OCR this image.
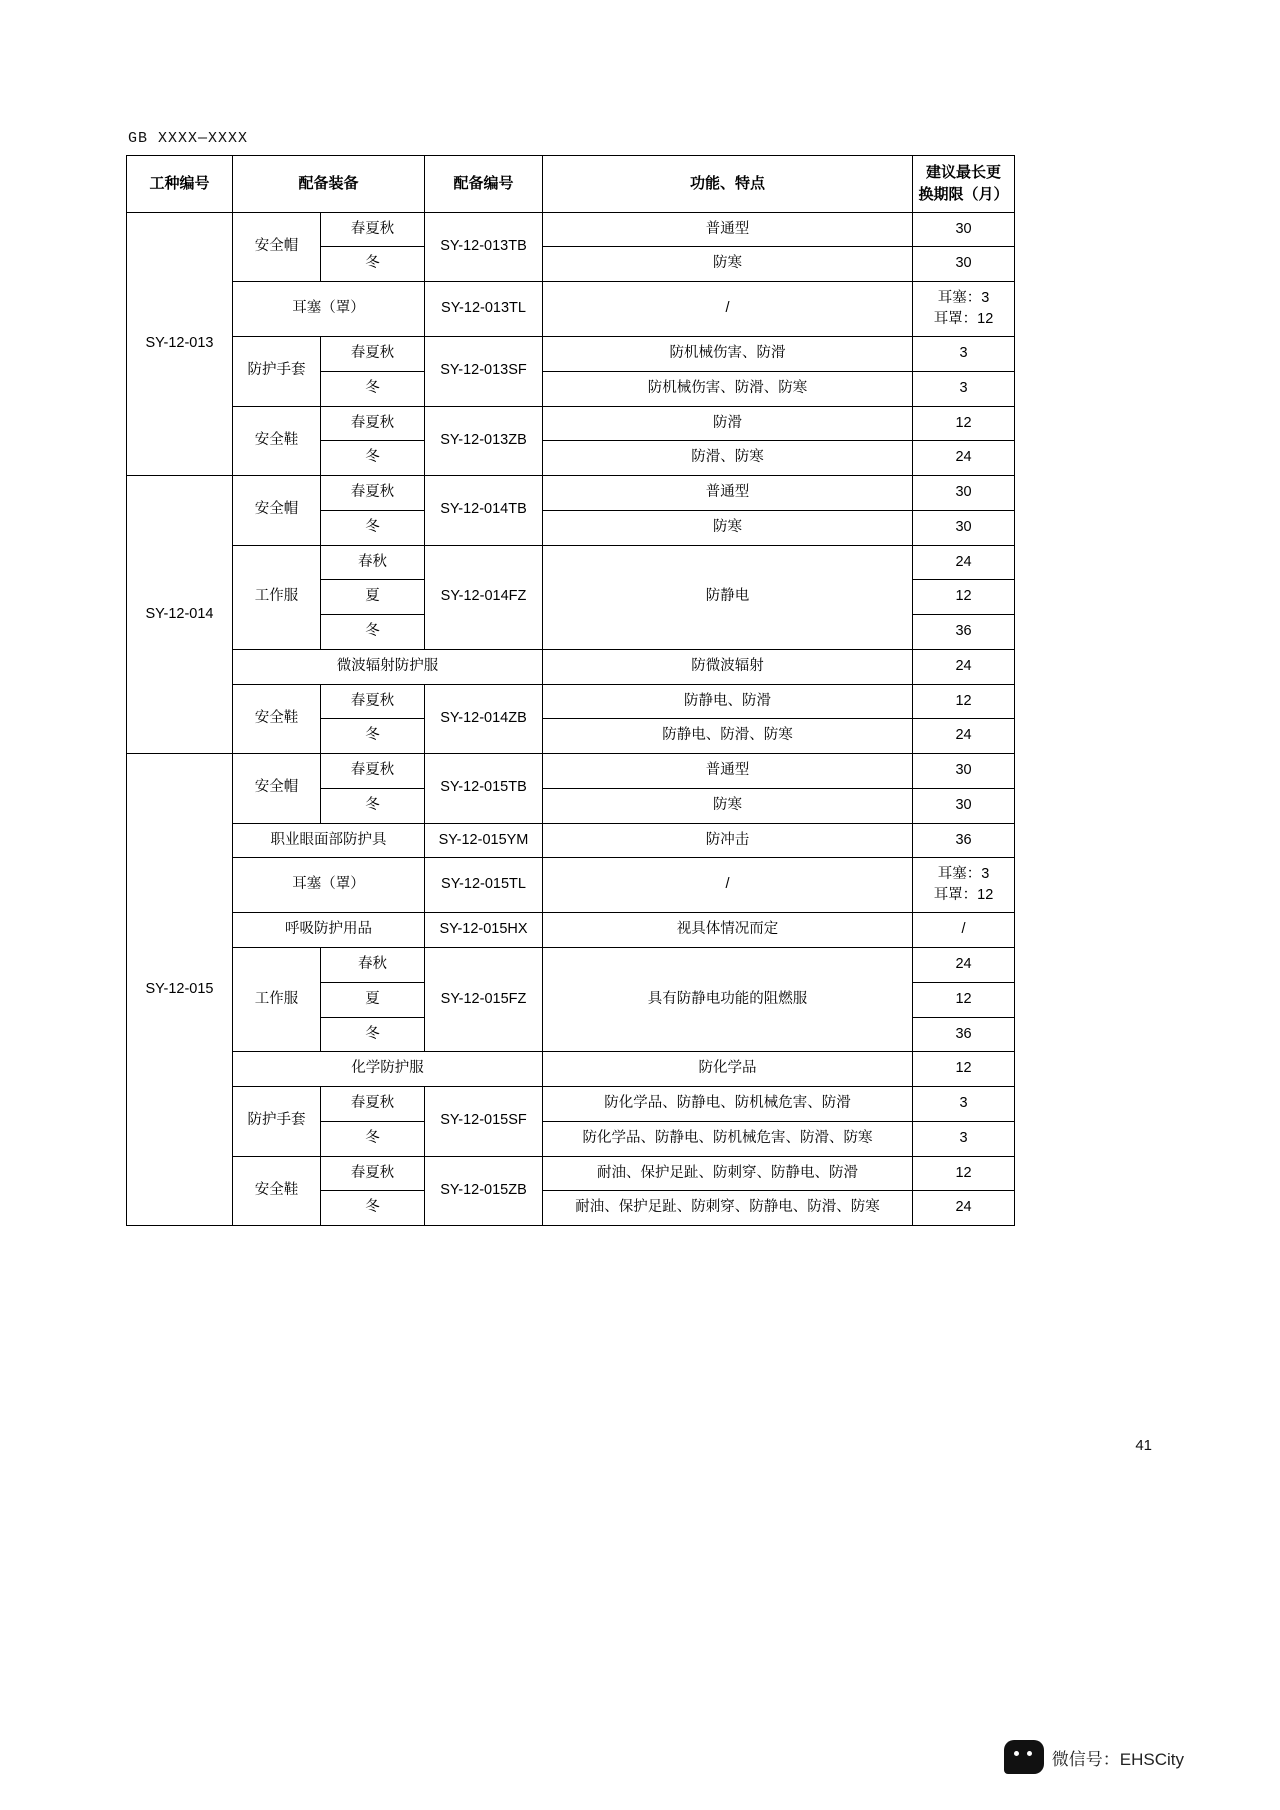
GB XXXX—XXXX
工种编号	配备装备		配备编号	功能、特点	建议最长更
换期限（月）

SY-12-013	安全帽	春夏秋	SY-12-013TB	普通型	30
		冬		防寒	30
	耳塞（罩）		SY-12-013TL	/	耳塞：3
耳罩：12

	防护手套	春夏秋	SY-12-013SF	防机械伤害、防滑	3
		冬		防机械伤害、防滑、防寒	3
	安全鞋	春夏秋	SY-12-013ZB	防滑	12
		冬		防滑、防寒	24
SY-12-014	安全帽	春夏秋	SY-12-014TB	普通型	30
		冬		防寒	30
	工作服	春秋	SY-12-014FZ	防静电	24
		夏			12
		冬			36
	微波辐射防护服			防微波辐射	24
	安全鞋	春夏秋	SY-12-014ZB	防静电、防滑	12
		冬		防静电、防滑、防寒	24
SY-12-015	安全帽	春夏秋	SY-12-015TB	普通型	30
		冬		防寒	30
	职业眼面部防护具		SY-12-015YM	防冲击	36
	耳塞（罩）		SY-12-015TL	/	耳塞：3
耳罩：12

	呼吸防护用品		SY-12-015HX	视具体情况而定	/
	工作服	春秋	SY-12-015FZ	具有防静电功能的阻燃服	24
		夏			12
		冬			36
	化学防护服			防化学品	12
	防护手套	春夏秋	SY-12-015SF	防化学品、防静电、防机械危害、防滑	3
		冬		防化学品、防静电、防机械危害、防滑、防寒	3
	安全鞋	春夏秋	SY-12-015ZB	耐油、保护足趾、防刺穿、防静电、防滑	12
		冬		耐油、保护足趾、防刺穿、防静电、防滑、防寒	24
41
微信号：EHSCity
